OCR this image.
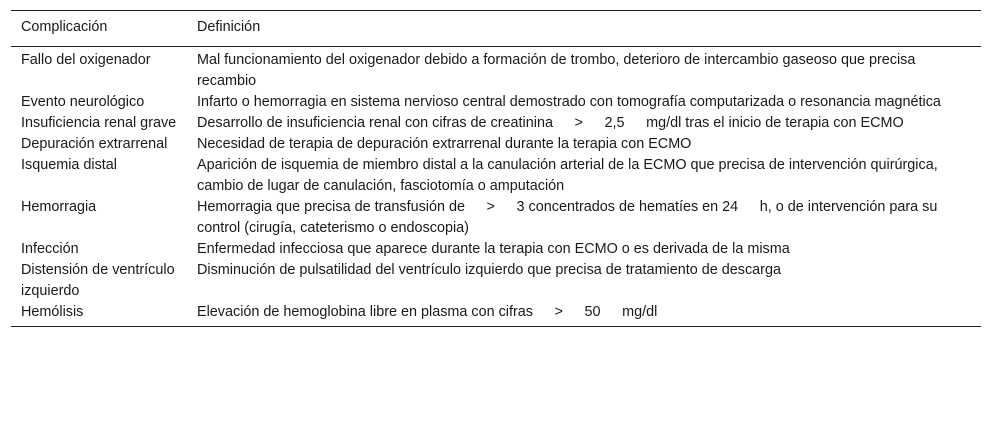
Complicación	Definición
Fallo del oxigenador	Mal funcionamiento del oxigenador debido a formación de trombo, deterioro de intercambio gaseoso que precisa recambio
Evento neurológico	Infarto o hemorragia en sistema nervioso central demostrado con tomografía computarizada o resonancia magnética
Insuficiencia renal grave	Desarrollo de insuficiencia renal con cifras de creatinina   >   2,5   mg/dl tras el inicio de terapia con ECMO
Depuración extrarrenal	Necesidad de terapia de depuración extrarrenal durante la terapia con ECMO
Isquemia distal	Aparición de isquemia de miembro distal a la canulación arterial de la ECMO que precisa de intervención quirúrgica, cambio de lugar de canulación, fasciotomía o amputación
Hemorragia	Hemorragia que precisa de transfusión de   >   3 concentrados de hematíes en 24   h, o de intervención para su control (cirugía, cateterismo o endoscopia)
Infección	Enfermedad infecciosa que aparece durante la terapia con ECMO o es derivada de la misma
Distensión de ventrículo izquierdo	Disminución de pulsatilidad del ventrículo izquierdo que precisa de tratamiento de descarga
Hemólisis	Elevación de hemoglobina libre en plasma con cifras   >   50   mg/dl
